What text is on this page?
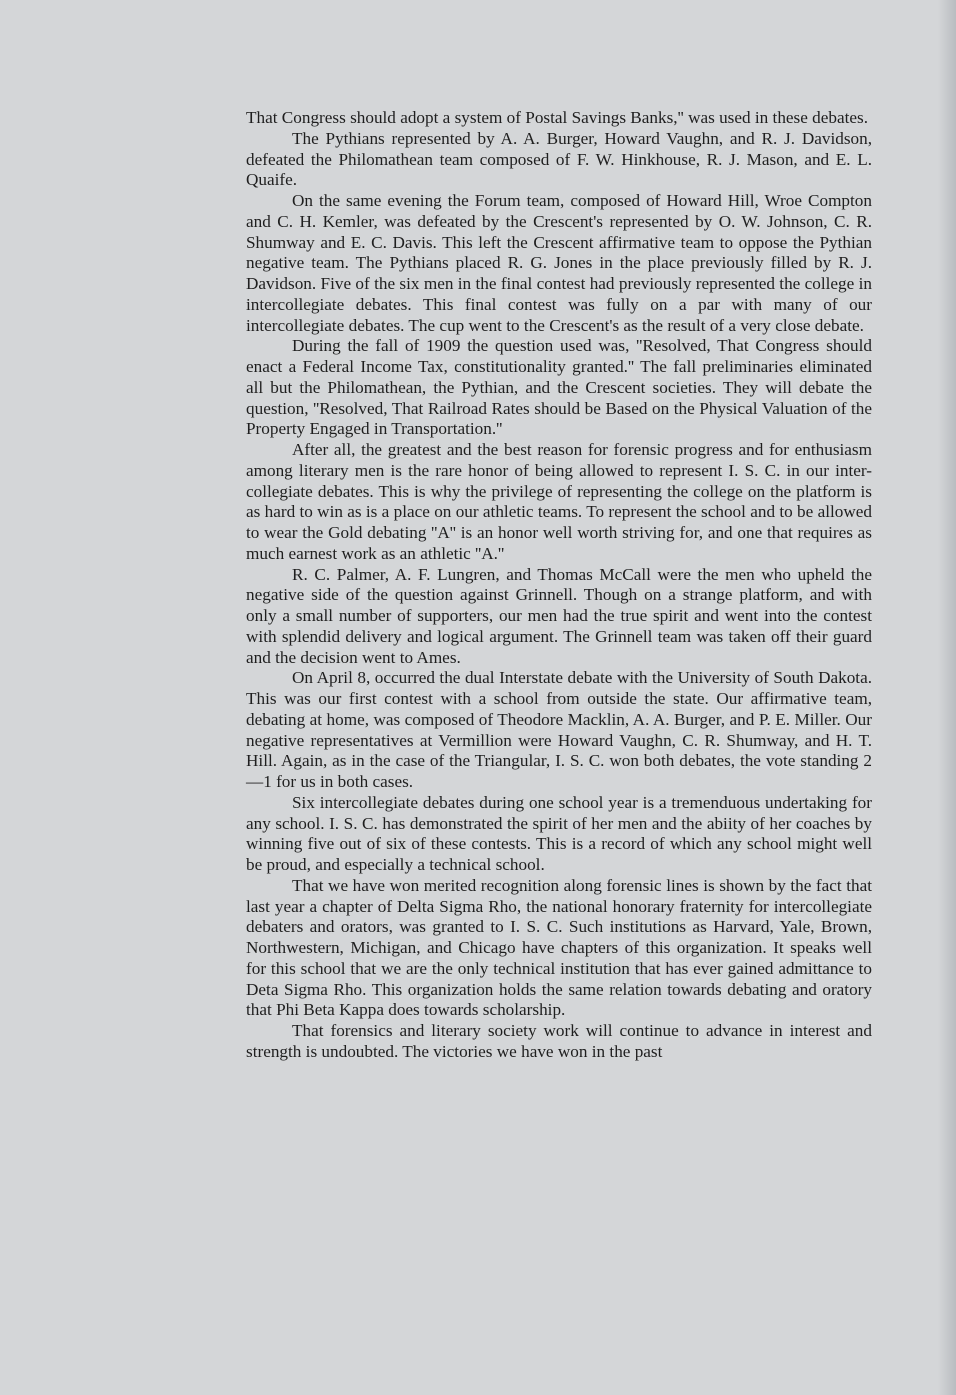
That Congress should adopt a system of Postal Savings Banks,'' was used in these debates.

The Pythians represented by A. A. Burger, Howard Vaughn, and R. J. Davidson, defeated the Philomathean team composed of F. W. Hinkhouse, R. J. Mason, and E. L. Quaife.

On the same evening the Forum team, composed of Howard Hill, Wroe Compton and C. H. Kemler, was defeated by the Crescent's represented by O. W. Johnson, C. R. Shumway and E. C. Davis. This left the Crescent affirmative team to oppose the Pythian negative team. The Pythians placed R. G. Jones in the place previously filled by R. J. Davidson. Five of the six men in the final contest had previously represented the college in intercollegiate debates. This final contest was fully on a par with many of our intercollegiate debates. The cup went to the Crescent's as the result of a very close debate.

During the fall of 1909 the question used was, ''Resolved, That Congress should enact a Federal Income Tax, constitutionality granted.'' The fall preliminaries eliminated all but the Philomathean, the Pythian, and the Crescent societies. They will debate the question, ''Resolved, That Railroad Rates should be Based on the Physical Valuation of the Property Engaged in Transportation.''

After all, the greatest and the best reason for forensic progress and for enthusiasm among literary men is the rare honor of being allowed to represent I. S. C. in our inter-collegiate debates. This is why the privilege of representing the college on the platform is as hard to win as is a place on our athletic teams. To represent the school and to be allowed to wear the Gold debating ''A'' is an honor well worth striving for, and one that requires as much earnest work as an athletic ''A.''

R. C. Palmer, A. F. Lungren, and Thomas McCall were the men who upheld the negative side of the question against Grinnell. Though on a strange platform, and with only a small number of supporters, our men had the true spirit and went into the contest with splendid delivery and logical argument. The Grinnell team was taken off their guard and the decision went to Ames.

On April 8, occurred the dual Interstate debate with the University of South Dakota. This was our first contest with a school from outside the state. Our affirmative team, debating at home, was composed of Theodore Macklin, A. A. Burger, and P. E. Miller. Our negative representatives at Vermillion were Howard Vaughn, C. R. Shumway, and H. T. Hill. Again, as in the case of the Triangular, I. S. C. won both debates, the vote standing 2—1 for us in both cases.

Six intercollegiate debates during one school year is a tremenduous undertaking for any school. I. S. C. has demonstrated the spirit of her men and the abiity of her coaches by winning five out of six of these contests. This is a record of which any school might well be proud, and especially a technical school.

That we have won merited recognition along forensic lines is shown by the fact that last year a chapter of Delta Sigma Rho, the national honorary fraternity for intercollegiate debaters and orators, was granted to I. S. C. Such institutions as Harvard, Yale, Brown, Northwestern, Michigan, and Chicago have chapters of this organization. It speaks well for this school that we are the only technical institution that has ever gained admittance to Deta Sigma Rho. This organization holds the same relation towards debating and oratory that Phi Beta Kappa does towards scholarship.

That forensics and literary society work will continue to advance in interest and strength is undoubted. The victories we have won in the past
